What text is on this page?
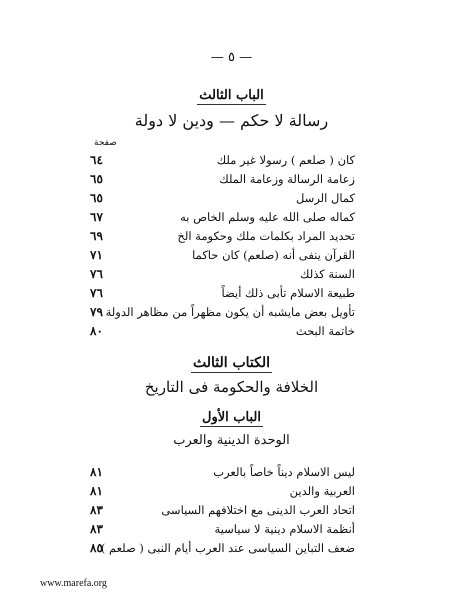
— ٥ —
الباب الثالث
رسالة لا حكم — ودين لا دولة
صفحة
كان ( صلعم ) رسولا غير ملك
٦٤
زعامة الرسالة وزعامة الملك
٦٥
كمال الرسل
٦٥
كماله صلى الله عليه وسلم الخاص به
٦٧
تحديد المراد بكلمات ملك وحكومة الخ
٦٩
القرآن ينفى أنه (صلعم) كان حاكما
٧١
السنة كذلك
٧٦
طبيعة الاسلام تأبى ذلك أيضاً
٧٦
تأويل بعض مايشبه أن يكون مظهراً من مظاهر الدولة
٧٩
خاتمة البحث
٨٠
الكتاب الثالث
الخلافة والحكومة فى التاريخ
الباب الأول
الوحدة الدينية والعرب
ليس الاسلام ديناً خاصاً بالعرب
٨١
العربية والدين
٨١
اتحاد العرب الدينى مع اختلافهم السياسى
٨٣
أنظمة الاسلام دينية لا سياسية
٨٣
ضعف التباين السياسى عند العرب أيام النبى ( صلعم )
٨٥
www.marefa.org
